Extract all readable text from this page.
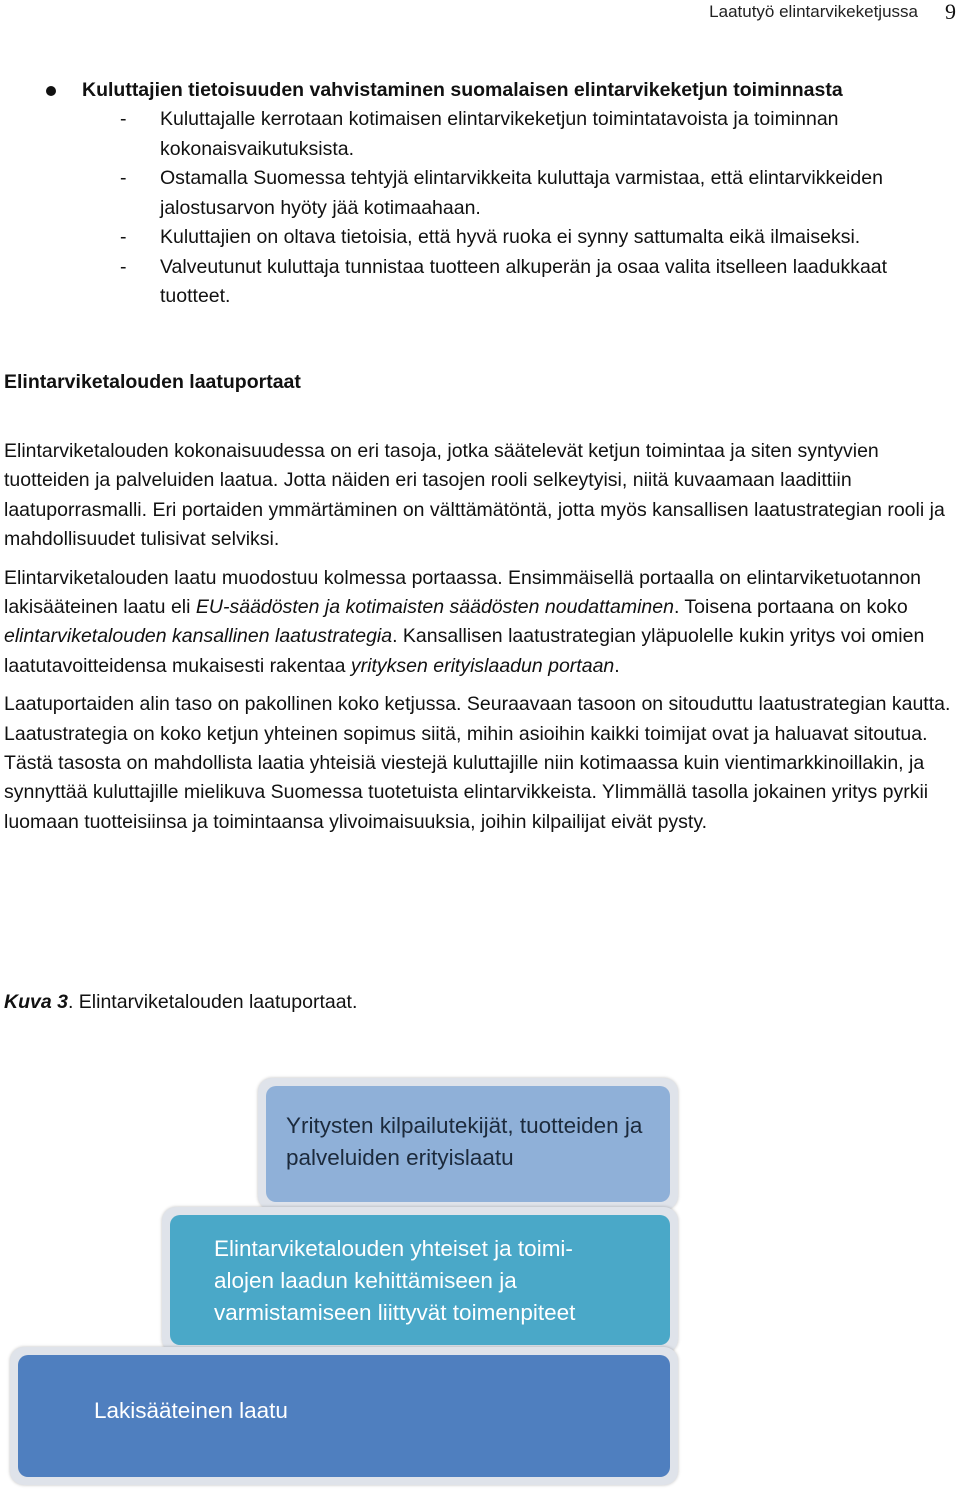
Laatutyö elintarvikeketjussa 9

Kuluttajien tietoisuuden vahvistaminen suomalaisen elintarvikeketjun toiminnasta

- Kuluttajalle kerrotaan kotimaisen elintarvikeketjun toimintatavoista ja toiminnan kokonaisvaikutuksista.
- Ostamalla Suomessa tehtyjä elintarvikkeita kuluttaja varmistaa, että elintarvikkeiden jalostusarvon hyöty jää kotimaahaan.
- Kuluttajien on oltava tietoisia, että hyvä ruoka ei synny sattumalta eikä ilmaiseksi.
- Valveutunut kuluttaja tunnistaa tuotteen alkuperän ja osaa valita itselleen laadukkaat tuotteet.
Elintarviketalouden laatuportaat

Elintarviketalouden kokonaisuudessa on eri tasoja, jotka säätelevät ketjun toimintaa ja siten syntyvien tuotteiden ja palveluiden laatua. Jotta näiden eri tasojen rooli selkeytyisi, niitä kuvaamaan laadittiin laatuporrasmalli. Eri portaiden ymmärtäminen on välttämätöntä, jotta myös kansallisen laatustrategian rooli ja mahdollisuudet tulisivat selviksi.

Elintarviketalouden laatu muodostuu kolmessa portaassa. Ensimmäisellä portaalla on elintarviketuotannon lakisääteinen laatu eli EU-säädösten ja kotimaisten säädösten noudattaminen. Toisena portaana on koko elintarviketalouden kansallinen laatustrategia. Kansallisen laatustrategian yläpuolelle kukin yritys voi omien laatutavoitteidensa mukaisesti rakentaa yrityksen erityislaadun portaan.

Laatuportaiden alin taso on pakollinen koko ketjussa. Seuraavaan tasoon on sitouduttu laatustrategian kautta. Laatustrategia on koko ketjun yhteinen sopimus siitä, mihin asioihin kaikki toimijat ovat ja haluavat sitoutua. Tästä tasosta on mahdollista laatia yhteisiä viestejä kuluttajille niin kotimaassa kuin vientimarkkinoillakin, ja synnyttää kuluttajille mielikuva Suomessa tuotetuista elintarvikkeista. Ylimmällä tasolla jokainen yritys pyrkii luomaan tuotteisiinsa ja toimintaansa ylivoimaisuuksia, joihin kilpailijat eivät pysty.

Kuva 3. Elintarviketalouden laatuportaat.

Yritysten kilpailutekijät, tuotteiden ja palveluiden erityislaatu
Elintarviketalouden yhteiset ja toimi-alojen laadun kehittämiseen ja varmistamiseen liittyvät toimenpiteet
Lakisääteinen laatu
